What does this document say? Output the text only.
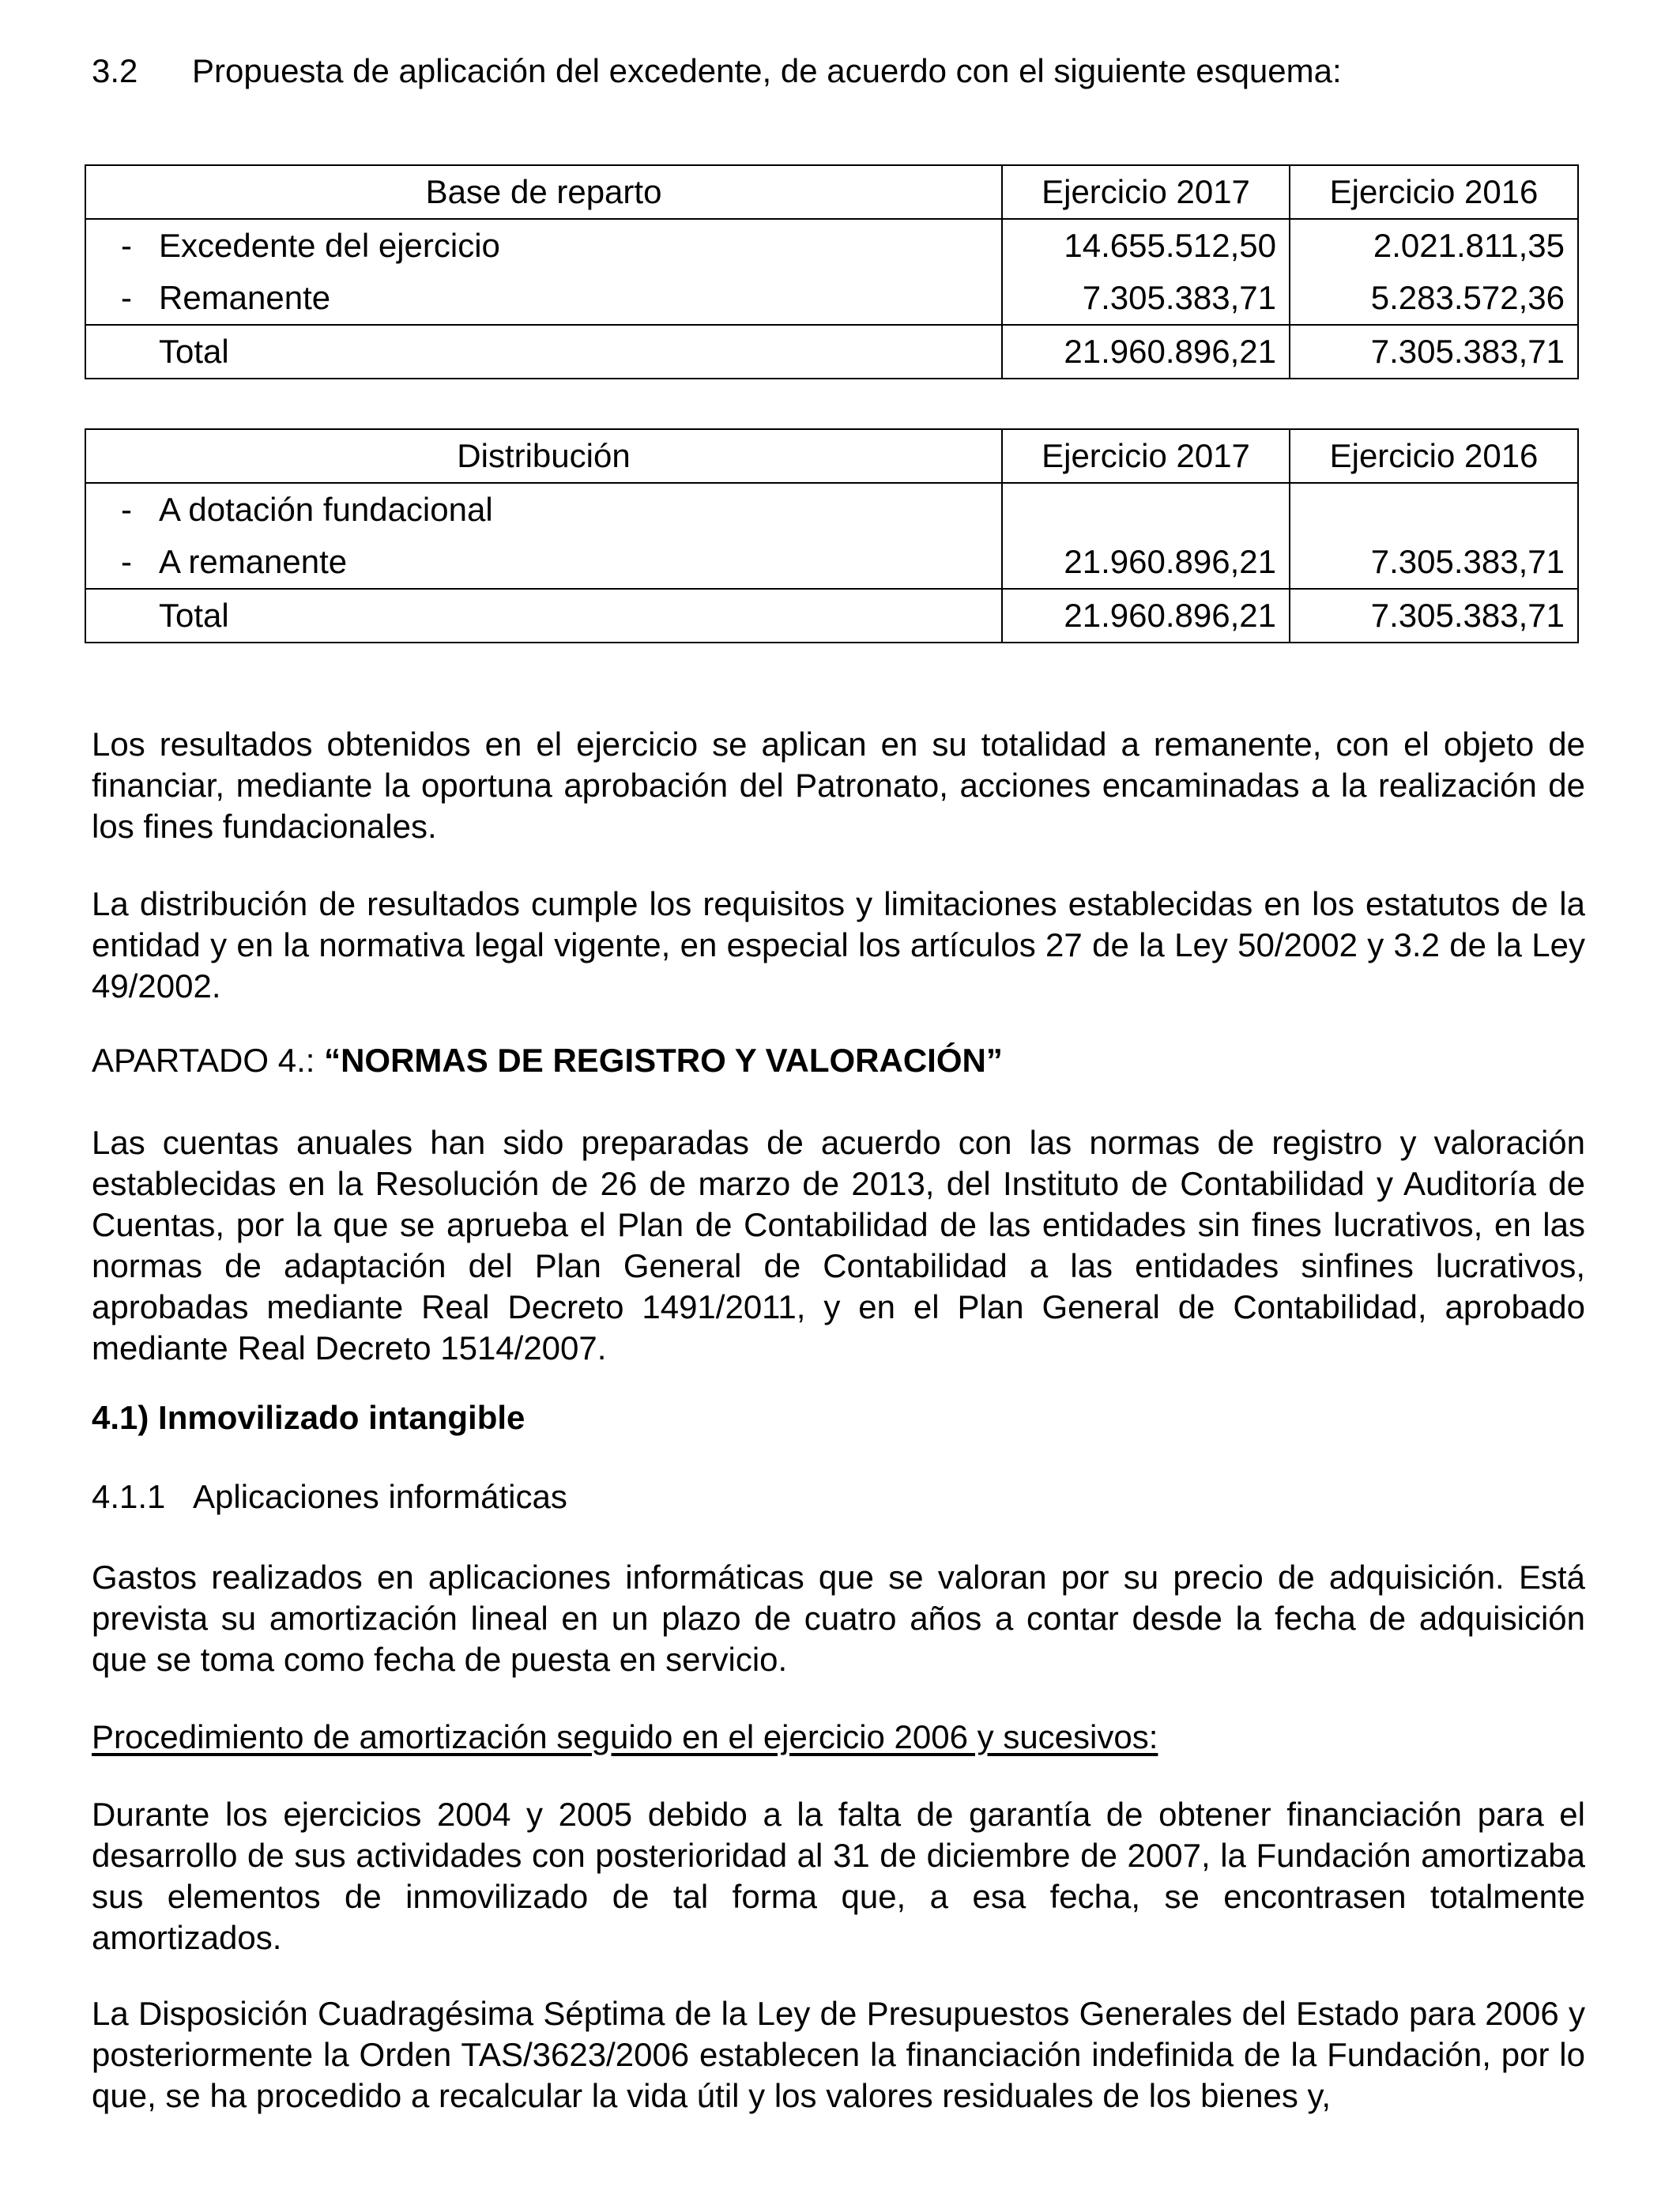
3.2 Propuesta de aplicación del excedente, de acuerdo con el siguiente esquema:
Base de reparto	Ejercicio 2017	Ejercicio 2016
- Excedente del ejercicio	14.655.512,50	2.021.811,35
- Remanente	7.305.383,71	5.283.572,36
Total	21.960.896,21	7.305.383,71
Distribución	Ejercicio 2017	Ejercicio 2016
- A dotación fundacional		
- A remanente	21.960.896,21	7.305.383,71
Total	21.960.896,21	7.305.383,71
Los resultados obtenidos en el ejercicio se aplican en su totalidad a remanente, con el objeto de financiar, mediante la oportuna aprobación del Patronato, acciones encaminadas a la realización de los fines fundacionales.
La distribución de resultados cumple los requisitos y limitaciones establecidas en los estatutos de la entidad y en la normativa legal vigente, en especial los artículos 27 de la Ley 50/2002 y 3.2 de la Ley 49/2002.
APARTADO 4.: “NORMAS DE REGISTRO Y VALORACIÓN”
Las cuentas anuales han sido preparadas de acuerdo con las normas de registro y valoración establecidas en la Resolución de 26 de marzo de 2013, del Instituto de Contabilidad y Auditoría de Cuentas, por la que se aprueba el Plan de Contabilidad de las entidades sin fines lucrativos, en las normas de adaptación del Plan General de Contabilidad a las entidades sinfines lucrativos, aprobadas mediante Real Decreto 1491/2011, y en el Plan General de Contabilidad, aprobado mediante Real Decreto 1514/2007.
4.1) Inmovilizado intangible
4.1.1 Aplicaciones informáticas
Gastos realizados en aplicaciones informáticas que se valoran por su precio de adquisición. Está prevista su amortización lineal en un plazo de cuatro años a contar desde la fecha de adquisición que se toma como fecha de puesta en servicio.
Procedimiento de amortización seguido en el ejercicio 2006 y sucesivos:
Durante los ejercicios 2004 y 2005 debido a la falta de garantía de obtener financiación para el desarrollo de sus actividades con posterioridad al 31 de diciembre de 2007, la Fundación amortizaba sus elementos de inmovilizado de tal forma que, a esa fecha, se encontrasen totalmente amortizados.
La Disposición Cuadragésima Séptima de la Ley de Presupuestos Generales del Estado para 2006 y posteriormente la Orden TAS/3623/2006 establecen la financiación indefinida de la Fundación, por lo que, se ha procedido a recalcular la vida útil y los valores residuales de los bienes y,
